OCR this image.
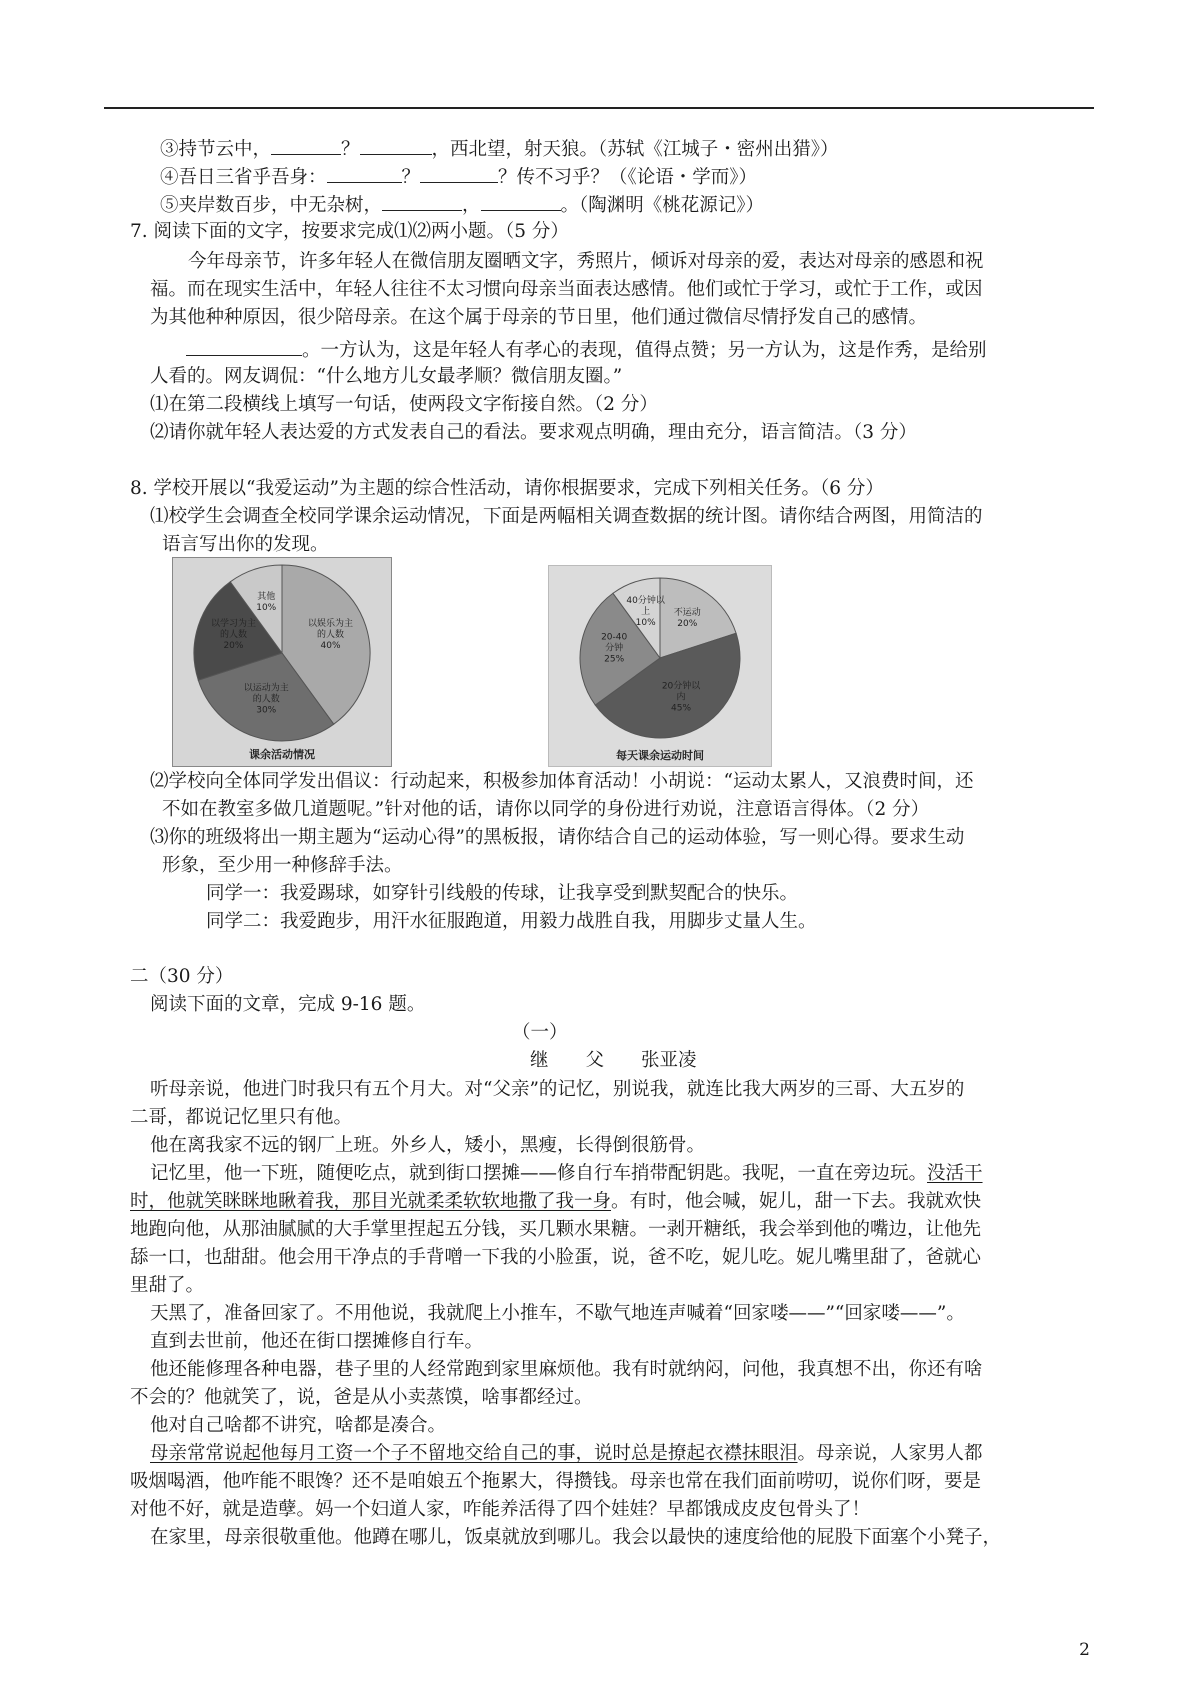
③持节云中，	？	，西北望，射天狼。（苏轼《江城子・密州出猎》）
④吾日三省乎吾身：	？	？传不习乎？（《论语・学而》）
⑤夹岸数百步，中无杂树，	，	。（陶渊明《桃花源记》）
7. 阅读下面的文字，按要求完成⑴⑵两小题。（5 分）
今年母亲节，许多年轻人在微信朋友圈晒文字，秀照片，倾诉对母亲的爱，表达对母亲的感恩和祝
福。而在现实生活中，年轻人往往不太习惯向母亲当面表达感情。他们或忙于学习，或忙于工作，或因
为其他种种原因，很少陪母亲。在这个属于母亲的节日里，他们通过微信尽情抒发自己的感情。
。一方认为，这是年轻人有孝心的表现，值得点赞；另一方认为，这是作秀，是给别
人看的。网友调侃：“什么地方儿女最孝顺？微信朋友圈。”
⑴在第二段横线上填写一句话，使两段文字衔接自然。（2 分）
⑵请你就年轻人表达爱的方式发表自己的看法。要求观点明确，理由充分，语言简洁。（3 分）
8. 学校开展以“我爱运动”为主题的综合性活动，请你根据要求，完成下列相关任务。（6 分）
⑴校学生会调查全校同学课余运动情况，下面是两幅相关调查数据的统计图。请你结合两图，用简洁的
语言写出你的发现。
以娱乐为主的人数 40%
以运动为主的人数 30%
以学习为主的人数 20%
其他 10%
课余活动情况
不运动 20%
20分钟以内 45%
20-40 分钟 25%
40分钟以上 10%
每天课余运动时间
⑵学校向全体同学发出倡议：行动起来，积极参加体育活动！小胡说：“运动太累人，又浪费时间，还
不如在教室多做几道题呢。”针对他的话，请你以同学的身份进行劝说，注意语言得体。（2 分）
⑶你的班级将出一期主题为“运动心得”的黑板报，请你结合自己的运动体验，写一则心得。要求生动
形象，至少用一种修辞手法。
同学一：我爱踢球，如穿针引线般的传球，让我享受到默契配合的快乐。
同学二：我爱跑步，用汗水征服跑道，用毅力战胜自我，用脚步丈量人生。
二（30 分）
阅读下面的文章，完成 9-16 题。
（一）
继　　父　　张亚凌
听母亲说，他进门时我只有五个月大。对“父亲”的记忆，别说我，就连比我大两岁的三哥、大五岁的
二哥，都说记忆里只有他。
他在离我家不远的钢厂上班。外乡人，矮小，黑瘦，长得倒很筋骨。
记忆里，他一下班，随便吃点，就到街口摆摊——修自行车捎带配钥匙。我呢，一直在旁边玩。没活干
时，他就笑眯眯地瞅着我，那目光就柔柔软软地撒了我一身。有时，他会喊，妮儿，甜一下去。我就欢快
地跑向他，从那油腻腻的大手掌里捏起五分钱，买几颗水果糖。一剥开糖纸，我会举到他的嘴边，让他先
舔一口，也甜甜。他会用干净点的手背噌一下我的小脸蛋，说，爸不吃，妮儿吃。妮儿嘴里甜了，爸就心
里甜了。
天黑了，准备回家了。不用他说，我就爬上小推车，不歇气地连声喊着“回家喽——”“回家喽——”。
直到去世前，他还在街口摆摊修自行车。
他还能修理各种电器，巷子里的人经常跑到家里麻烦他。我有时就纳闷，问他，我真想不出，你还有啥
不会的？他就笑了，说，爸是从小卖蒸馍，啥事都经过。
他对自己啥都不讲究，啥都是凑合。
母亲常常说起他每月工资一个子不留地交给自己的事，说时总是撩起衣襟抹眼泪。母亲说，人家男人都
吸烟喝酒，他咋能不眼馋？还不是咱娘五个拖累大，得攒钱。母亲也常在我们面前唠叨，说你们呀，要是
对他不好，就是造孽。妈一个妇道人家，咋能养活得了四个娃娃？早都饿成皮皮包骨头了！
在家里，母亲很敬重他。他蹲在哪儿，饭桌就放到哪儿。我会以最快的速度给他的屁股下面塞个小凳子，
2
